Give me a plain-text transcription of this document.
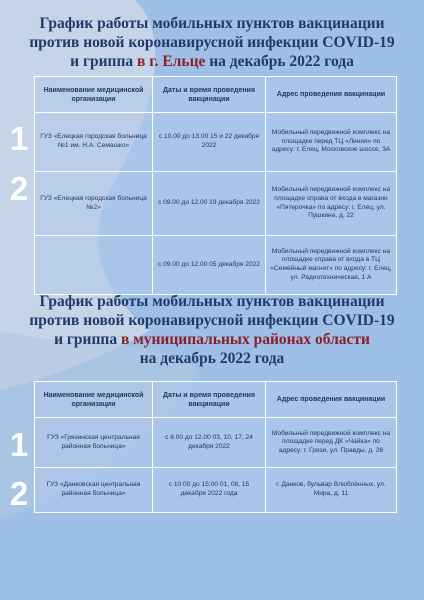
График работы мобильных пунктов вакцинации
против новой коронавирусной инфекции COVID-19
и гриппа в г. Ельце на декабрь 2022 года
Наименование медицинской организации	Даты и время проведения вакцинации	Адрес проведения вакцинации
ГУЗ «Елецкая городская больница №1 им. Н.А. Семашко»	с 10.00 до 13.00 15 и 22 декабря 2022	Мобильный передвижной комплекс на площадке перед ТЦ «Линия» по адресу: г. Елец, Московское шоссе, 3А
ГУЗ «Елецкая городская больница №2»	с 09.00 до 12.00 19 декабря 2022	Мобильный передвижной комплекс на площадке справа от входа в магазин «Пятерочка» по адресу: г. Елец, ул. Пушкина, д. 22
	с 09.00 до 12.00 05 декабря 2022	Мобильный передвижной комплекс на площадке справа от входа в ТЦ «Семейный магнит» по адресу: г. Елец, ул. Радиотехническая, 1 А
1
2
График работы мобильных пунктов вакцинации
против новой коронавирусной инфекции COVID-19
и гриппа в муниципальных районах области
на декабрь 2022 года
Наименование медицинской организации	Даты и время проведения вакцинации	Адрес проведения вакцинации
ГУЗ «Грязинская центральная районная больница»	с 8.00 до 12.00 03, 10, 17, 24 декабря 2022	Мобильный передвижной комплекс на площадке перед ДК «Чайка» по адресу: г. Грязи, ул. Правды, д. 26
ГУЗ «Данковская центральная районная больница»	с 10:00 до 15:00 01, 08, 15 декабря 2022 года	г. Данков, бульвар Влюблённых, ул. Мира, д. 11
1
2
